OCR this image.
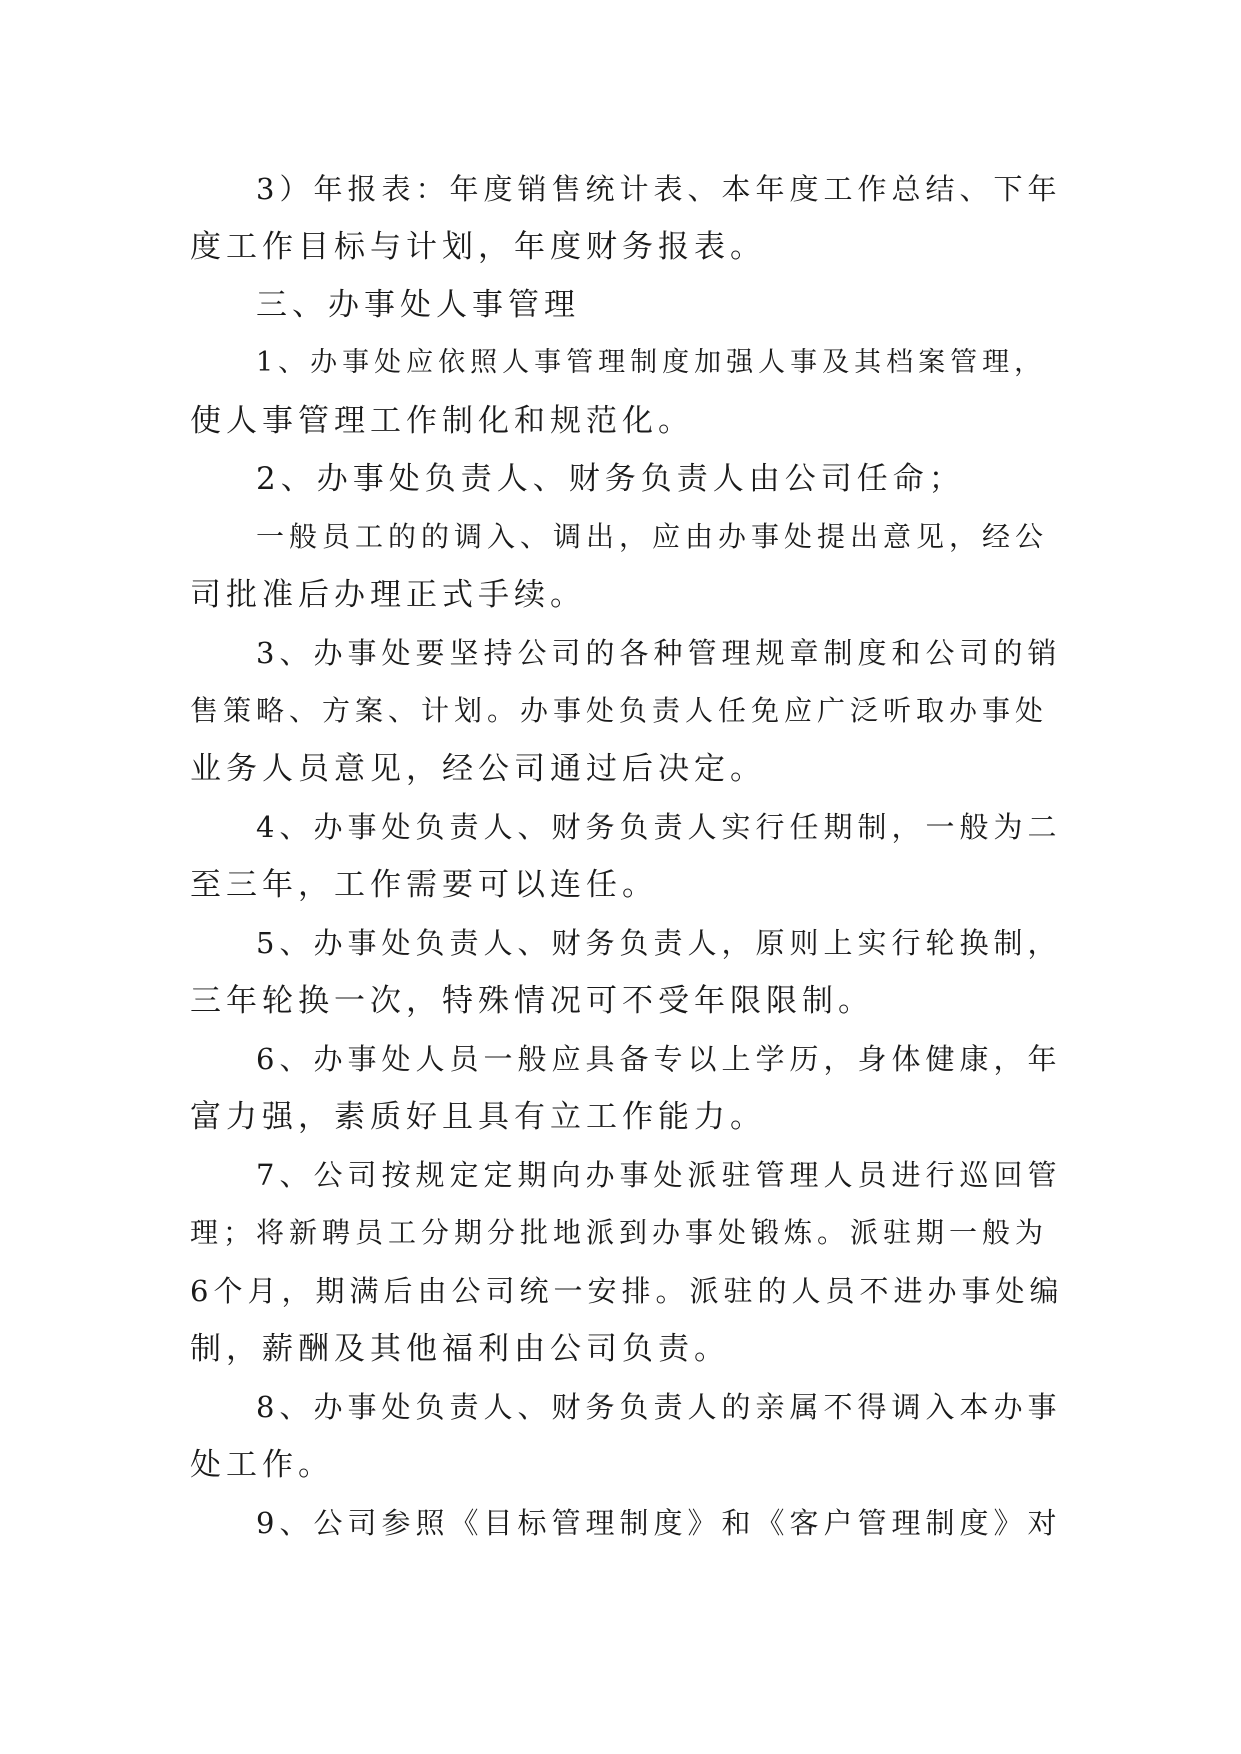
3）年报表：年度销售统计表、本年度工作总结、下年
度工作目标与计划，年度财务报表。
三、办事处人事管理
1、办事处应依照人事管理制度加强人事及其档案管理，
使人事管理工作制化和规范化。
2、办事处负责人、财务负责人由公司任命；
一般员工的的调入、调出，应由办事处提出意见，经公
司批准后办理正式手续。
3、办事处要坚持公司的各种管理规章制度和公司的销
售策略、方案、计划。办事处负责人任免应广泛听取办事处
业务人员意见，经公司通过后决定。
4、办事处负责人、财务负责人实行任期制，一般为二
至三年，工作需要可以连任。
5、办事处负责人、财务负责人，原则上实行轮换制，
三年轮换一次，特殊情况可不受年限限制。
6、办事处人员一般应具备专以上学历，身体健康，年
富力强，素质好且具有立工作能力。
7、公司按规定定期向办事处派驻管理人员进行巡回管
理；将新聘员工分期分批地派到办事处锻炼。派驻期一般为
6个月，期满后由公司统一安排。派驻的人员不进办事处编
制，薪酬及其他福利由公司负责。
8、办事处负责人、财务负责人的亲属不得调入本办事
处工作。
9、公司参照《目标管理制度》和《客户管理制度》对
